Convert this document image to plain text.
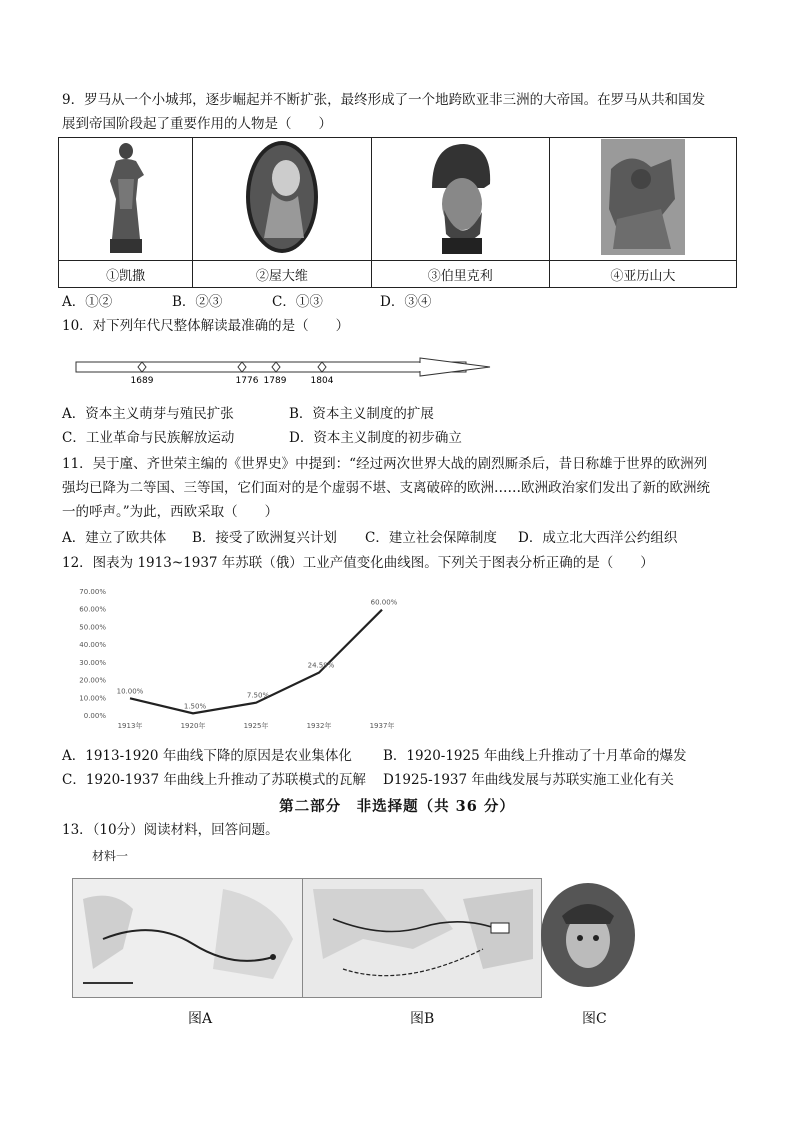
9．罗马从一个小城邦，逐步崛起并不断扩张，最终形成了一个地跨欧亚非三洲的大帝国。在罗马从共和国发
展到帝国阶段起了重要作用的人物是（　　）

①凯撒	②屋大维	③伯里克利	④亚历山大
A．①②	B．②③	C．①③	D．③④
10．对下列年代尺整体解读最准确的是（　　）
1689	1776 1789	1804
A．资本主义萌芽与殖民扩张	B．资本主义制度的扩展
C．工业革命与民族解放运动	D．资本主义制度的初步确立
11．吴于廑、齐世荣主编的《世界史》中提到：“经过两次世界大战的剧烈厮杀后，昔日称雄于世界的欧洲列
强均已降为二等国、三等国，它们面对的是个虚弱不堪、支离破碎的欧洲……欧洲政治家们发出了新的欧洲统
一的呼声。”为此，西欧采取（　　）
A．建立了欧共体 B．接受了欧洲复兴计划 C．建立社会保障制度 D．成立北大西洋公约组织
12．图表为 1913~1937 年苏联（俄）工业产值变化曲线图。下列关于图表分析正确的是（　　）
70.00%
60.00%
50.00%
40.00%
30.00%
20.00%
10.00%
0.00%
1913年	1920年	1925年	1932年	1937年
10.00%
1.50%
7.50%
24.59%
60.00%
A．1913-1920 年曲线下降的原因是农业集体化 B．1920-1925 年曲线上升推动了十月革命的爆发
C．1920-1937 年曲线上升推动了苏联模式的瓦解 D1925-1937 年曲线发展与苏联实施工业化有关
第二部分　非选择题（共 36 分）
13．（10分）阅读材料，回答问题。
材料一
图A	图B	图C
